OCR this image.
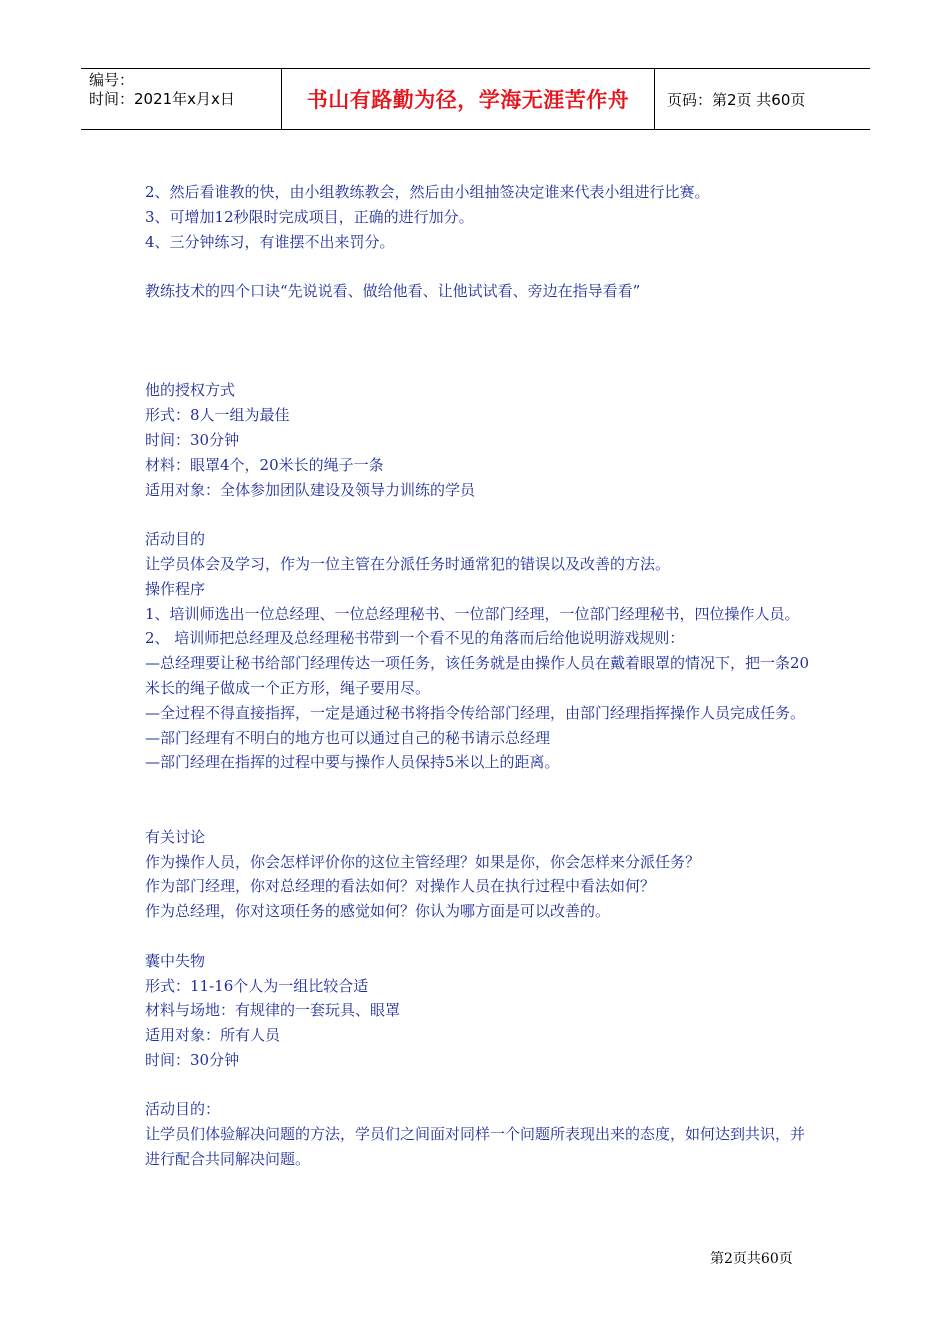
编号：
时间：2021年x月x日	书山有路勤为径，学海无涯苦作舟	页码：第2页 共60页

2、然后看谁教的快，由小组教练教会，然后由小组抽签决定谁来代表小组进行比赛。

3、可增加12秒限时完成项目，正确的进行加分。

4、三分钟练习，有谁摆不出来罚分。

教练技术的四个口诀“先说说看、做给他看、让他试试看、旁边在指导看看”

他的授权方式

形式：8人一组为最佳

时间：30分钟

材料：眼罩4个，20米长的绳子一条

适用对象：全体参加团队建设及领导力训练的学员

活动目的

让学员体会及学习，作为一位主管在分派任务时通常犯的错误以及改善的方法。

操作程序

1、培训师选出一位总经理、一位总经理秘书、一位部门经理，一位部门经理秘书，四位操作人员。

2、 培训师把总经理及总经理秘书带到一个看不见的角落而后给他说明游戏规则：

—总经理要让秘书给部门经理传达一项任务，该任务就是由操作人员在戴着眼罩的情况下，把一条20米长的绳子做成一个正方形，绳子要用尽。

—全过程不得直接指挥，一定是通过秘书将指令传给部门经理，由部门经理指挥操作人员完成任务。

—部门经理有不明白的地方也可以通过自己的秘书请示总经理

—部门经理在指挥的过程中要与操作人员保持5米以上的距离。

有关讨论

作为操作人员，你会怎样评价你的这位主管经理？如果是你，你会怎样来分派任务？

作为部门经理，你对总经理的看法如何？对操作人员在执行过程中看法如何？

作为总经理，你对这项任务的感觉如何？你认为哪方面是可以改善的。

囊中失物

形式：11-16个人为一组比较合适

材料与场地：有规律的一套玩具、眼罩

适用对象：所有人员

时间：30分钟

活动目的：

让学员们体验解决问题的方法，学员们之间面对同样一个问题所表现出来的态度，如何达到共识，并进行配合共同解决问题。

第2页共60页
